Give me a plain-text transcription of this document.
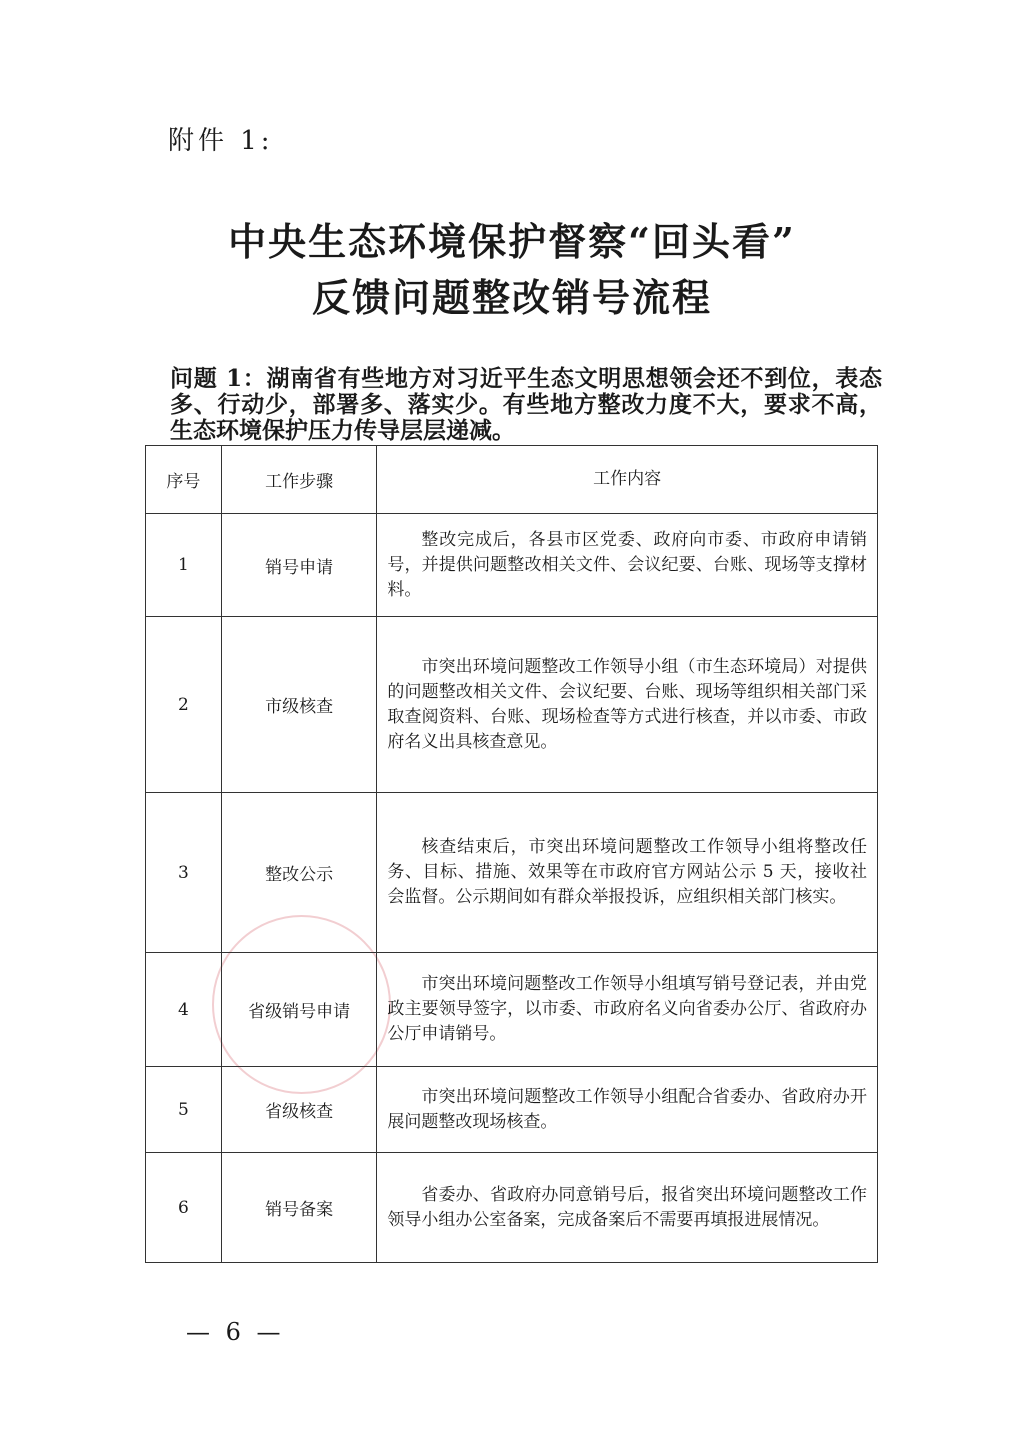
附件 1:
中央生态环境保护督察“回头看”
反馈问题整改销号流程
问题 1：湖南省有些地方对习近平生态文明思想领会还不到位，表态多、行动少，部署多、落实少。有些地方整改力度不大，要求不高，生态环境保护压力传导层层递减。
序号	工作步骤	工作内容
1	销号申请	整改完成后，各县市区党委、政府向市委、市政府申请销号，并提供问题整改相关文件、会议纪要、台账、现场等支撑材料。

2	市级核查	市突出环境问题整改工作领导小组（市生态环境局）对提供的问题整改相关文件、会议纪要、台账、现场等组织相关部门采取查阅资料、台账、现场检查等方式进行核查，并以市委、市政府名义出具核查意见。

3	整改公示	核查结束后，市突出环境问题整改工作领导小组将整改任务、目标、措施、效果等在市政府官方网站公示 5 天，接收社会监督。公示期间如有群众举报投诉，应组织相关部门核实。

4	省级销号申请	市突出环境问题整改工作领导小组填写销号登记表，并由党政主要领导签字，以市委、市政府名义向省委办公厅、省政府办公厅申请销号。

5	省级核查	市突出环境问题整改工作领导小组配合省委办、省政府办开展问题整改现场核查。

6	销号备案	省委办、省政府办同意销号后，报省突出环境问题整改工作领导小组办公室备案，完成备案后不需要再填报进展情况。
— 6 —
